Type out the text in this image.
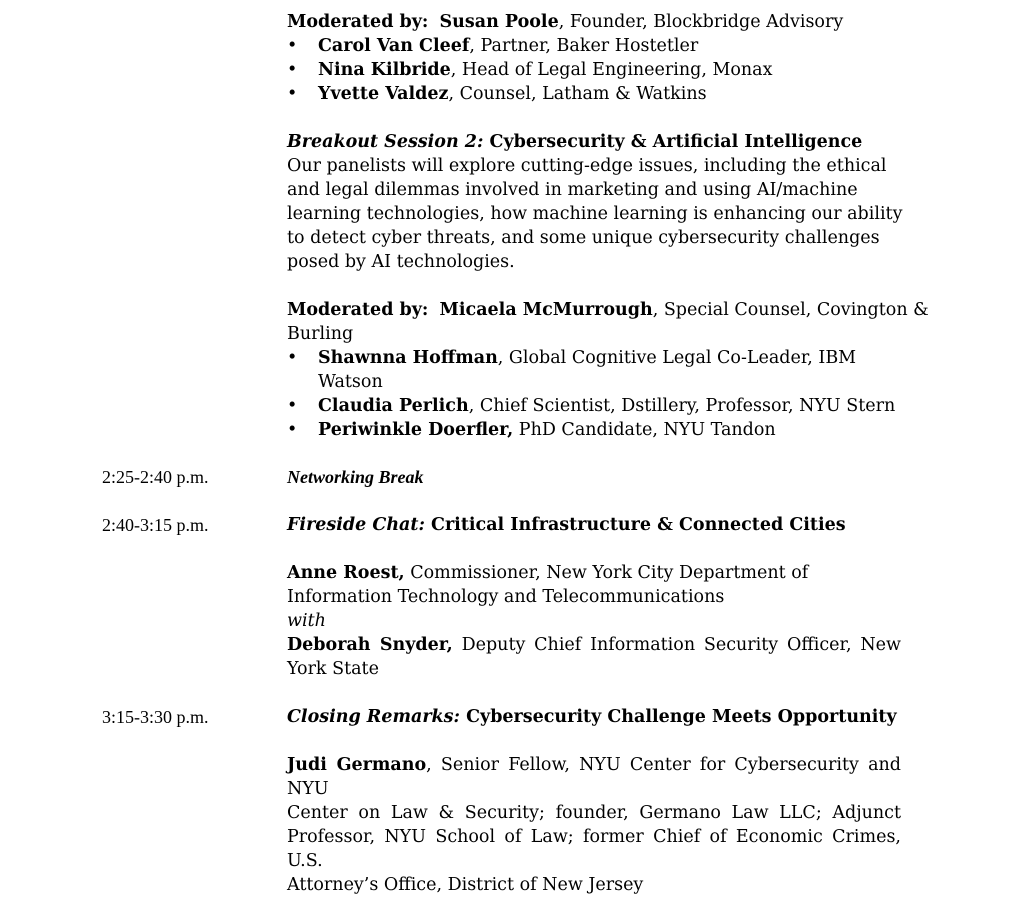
Moderated by: Susan Poole, Founder, Blockbridge Advisory
• Carol Van Cleef, Partner, Baker Hostetler
• Nina Kilbride, Head of Legal Engineering, Monax
• Yvette Valdez, Counsel, Latham & Watkins
Breakout Session 2: Cybersecurity & Artificial Intelligence
Our panelists will explore cutting-edge issues, including the ethical
and legal dilemmas involved in marketing and using AI/machine
learning technologies, how machine learning is enhancing our ability
to detect cyber threats, and some unique cybersecurity challenges
posed by AI technologies.

Moderated by: Micaela McMurrough, Special Counsel, Covington &
Burling
• Shawnna Hoffman, Global Cognitive Legal Co-Leader, IBM
Watson
• Claudia Perlich, Chief Scientist, Dstillery, Professor, NYU Stern
• Periwinkle Doerfler, PhD Candidate, NYU Tandon
2:25-2:40 p.m.	Networking Break
2:40-3:15 p.m.	Fireside Chat: Critical Infrastructure & Connected Cities

Anne Roest, Commissioner, New York City Department of
Information Technology and Telecommunications
with
Deborah Snyder, Deputy Chief Information Security Officer, New
York State
3:15-3:30 p.m.	Closing Remarks: Cybersecurity Challenge Meets Opportunity

Judi Germano, Senior Fellow, NYU Center for Cybersecurity and NYU
Center on Law & Security; founder, Germano Law LLC; Adjunct
Professor, NYU School of Law; former Chief of Economic Crimes, U.S.
Attorney’s Office, District of New Jersey
